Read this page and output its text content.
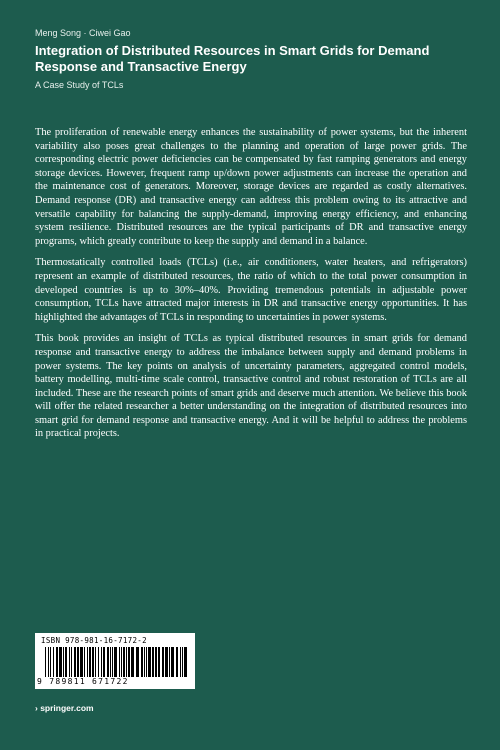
Meng Song · Ciwei Gao
Integration of Distributed Resources in Smart Grids for Demand Response and Transactive Energy
A Case Study of TCLs

The proliferation of renewable energy enhances the sustainability of power systems, but the inherent variability also poses great challenges to the planning and operation of large power grids. The corresponding electric power deficiencies can be compensated by fast ramping generators and energy storage devices. However, frequent ramp up/down power adjustments can increase the operation and the maintenance cost of generators. Moreover, storage devices are regarded as costly alternatives. Demand response (DR) and transactive energy can address this problem owing to its attractive and versatile capability for balancing the supply-demand, improving energy efficiency, and enhancing system resilience. Distributed resources are the typical participants of DR and transactive energy programs, which greatly contribute to keep the supply and demand in a balance.

Thermostatically controlled loads (TCLs) (i.e., air conditioners, water heaters, and refrigerators) represent an example of distributed resources, the ratio of which to the total power consumption in developed countries is up to 30%–40%. Providing tremendous potentials in adjustable power consumption, TCLs have attracted major interests in DR and transactive energy opportunities. It has highlighted the advantages of TCLs in responding to uncertainties in power systems.

This book provides an insight of TCLs as typical distributed resources in smart grids for demand response and transactive energy to address the imbalance between supply and demand problems in power systems. The key points on analysis of uncertainty parameters, aggregated control models, battery modelling, multi-time scale control, transactive control and robust restoration of TCLs are all included. These are the research points of smart grids and deserve much attention. We believe this book will offer the related researcher a better understanding on the integration of distributed resources into smart grid for demand response and transactive energy. And it will be helpful to address the problems in practical projects.

ISBN 978-981-16-7172-2
9 789811 671722
› springer.com
